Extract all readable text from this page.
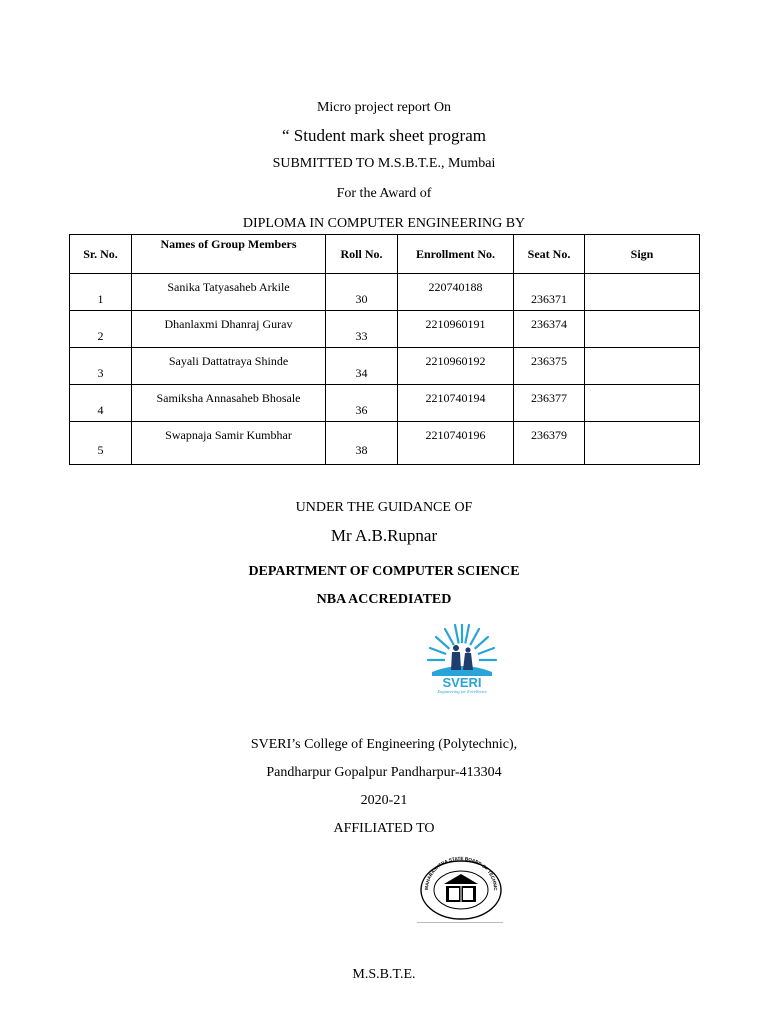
Micro project report On
“ Student mark sheet program
SUBMITTED TO M.S.B.T.E., Mumbai
For the Award of
DIPLOMA IN COMPUTER ENGINEERING BY
Sr. No.	Names of Group Members	Roll No.	Enrollment No.	Seat No.	Sign

1	Sanika Tatyasaheb Arkile	30	220740188	236371	

2	Dhanlaxmi Dhanraj Gurav	33	2210960191	236374	

3	Sayali Dattatraya Shinde	34	2210960192	236375	

4	Samiksha Annasaheb Bhosale	36	2210740194	236377	

5	Swapnaja Samir Kumbhar	38	2210740196	236379	

UNDER THE GUIDANCE OF
Mr A.B.Rupnar
DEPARTMENT OF COMPUTER SCIENCE
NBA ACCREDIATED
SVERI
Engineering for Excellence
SVERI’s College of Engineering (Polytechnic),
Pandharpur Gopalpur Pandharpur-413304
2020-21
AFFILIATED TO
MAHARASHTRA STATE BOARD OF TECHNIC
M.S.B.T.E.
